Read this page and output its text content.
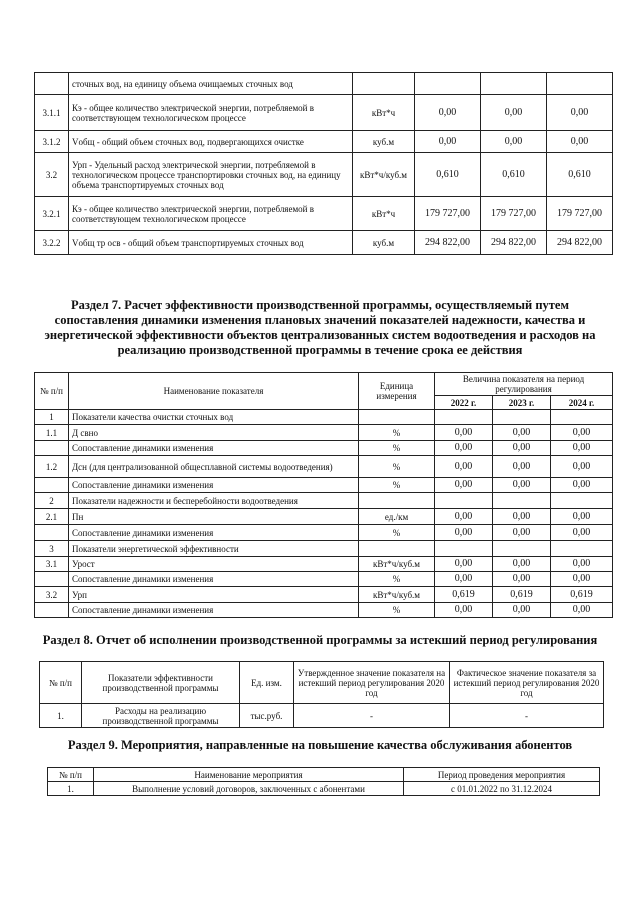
	сточных вод, на единицу объема очищаемых сточных вод				
3.1.1	Кэ - общее количество электрической энергии, потребляемой в соответствующем технологическом процессе	кВт*ч	0,00	0,00	0,00
3.1.2	Vобщ - общий объем сточных вод, подвергающихся очистке	куб.м	0,00	0,00	0,00
3.2	Урп - Удельный расход электрической энергии, потребляемой в технологическом процессе транспортировки сточных вод, на единицу объема транспортируемых сточных вод	кВт*ч/куб.м	0,610	0,610	0,610
3.2.1	Кэ - общее количество электрической энергии, потребляемой в соответствующем технологическом процессе	кВт*ч	179 727,00	179 727,00	179 727,00
3.2.2	Vобщ тр осв - общий объем транспортируемых сточных вод	куб.м	294 822,00	294 822,00	294 822,00
Раздел 7. Расчет эффективности производственной программы, осуществляемый путем сопоставления динамики изменения плановых значений показателей надежности, качества и энергетической эффективности объектов централизованных систем водоотведения и расходов на реализацию производственной программы в течение срока ее действия
№ п/п	Наименование показателя	Единица измерения	Величина показателя на период регулирования		
			2022 г.	2023 г.	2024 г.
1	Показатели качества очистки сточных вод				
1.1	Д свно	%	0,00	0,00	0,00
	Сопоставление динамики изменения	%	0,00	0,00	0,00
1.2	Дсн (для централизованной общесплавной системы водоотведения)	%	0,00	0,00	0,00
	Сопоставление динамики изменения	%	0,00	0,00	0,00
2	Показатели надежности и бесперебойности водоотведения				
2.1	Пн	ед./км	0,00	0,00	0,00
	Сопоставление динамики изменения	%	0,00	0,00	0,00
3	Показатели энергетической эффективности				
3.1	Урост	кВт*ч/куб.м	0,00	0,00	0,00
	Сопоставление динамики изменения	%	0,00	0,00	0,00
3.2	Урп	кВт*ч/куб.м	0,619	0,619	0,619
	Сопоставление динамики изменения	%	0,00	0,00	0,00
Раздел 8. Отчет об исполнении производственной программы за истекший период регулирования
№ п/п	Показатели эффективности производственной программы	Ед. изм.	Утвержденное значение показателя на истекший период регулирования 2020 год	Фактическое значение показателя за истекший период регулирования 2020 год
1.	Расходы на реализацию производственной программы	тыс.руб.	-	-
Раздел 9. Мероприятия, направленные на повышение качества обслуживания абонентов
№ п/п	Наименование мероприятия	Период проведения мероприятия
1.	Выполнение условий договоров, заключенных с абонентами	с 01.01.2022 по 31.12.2024
